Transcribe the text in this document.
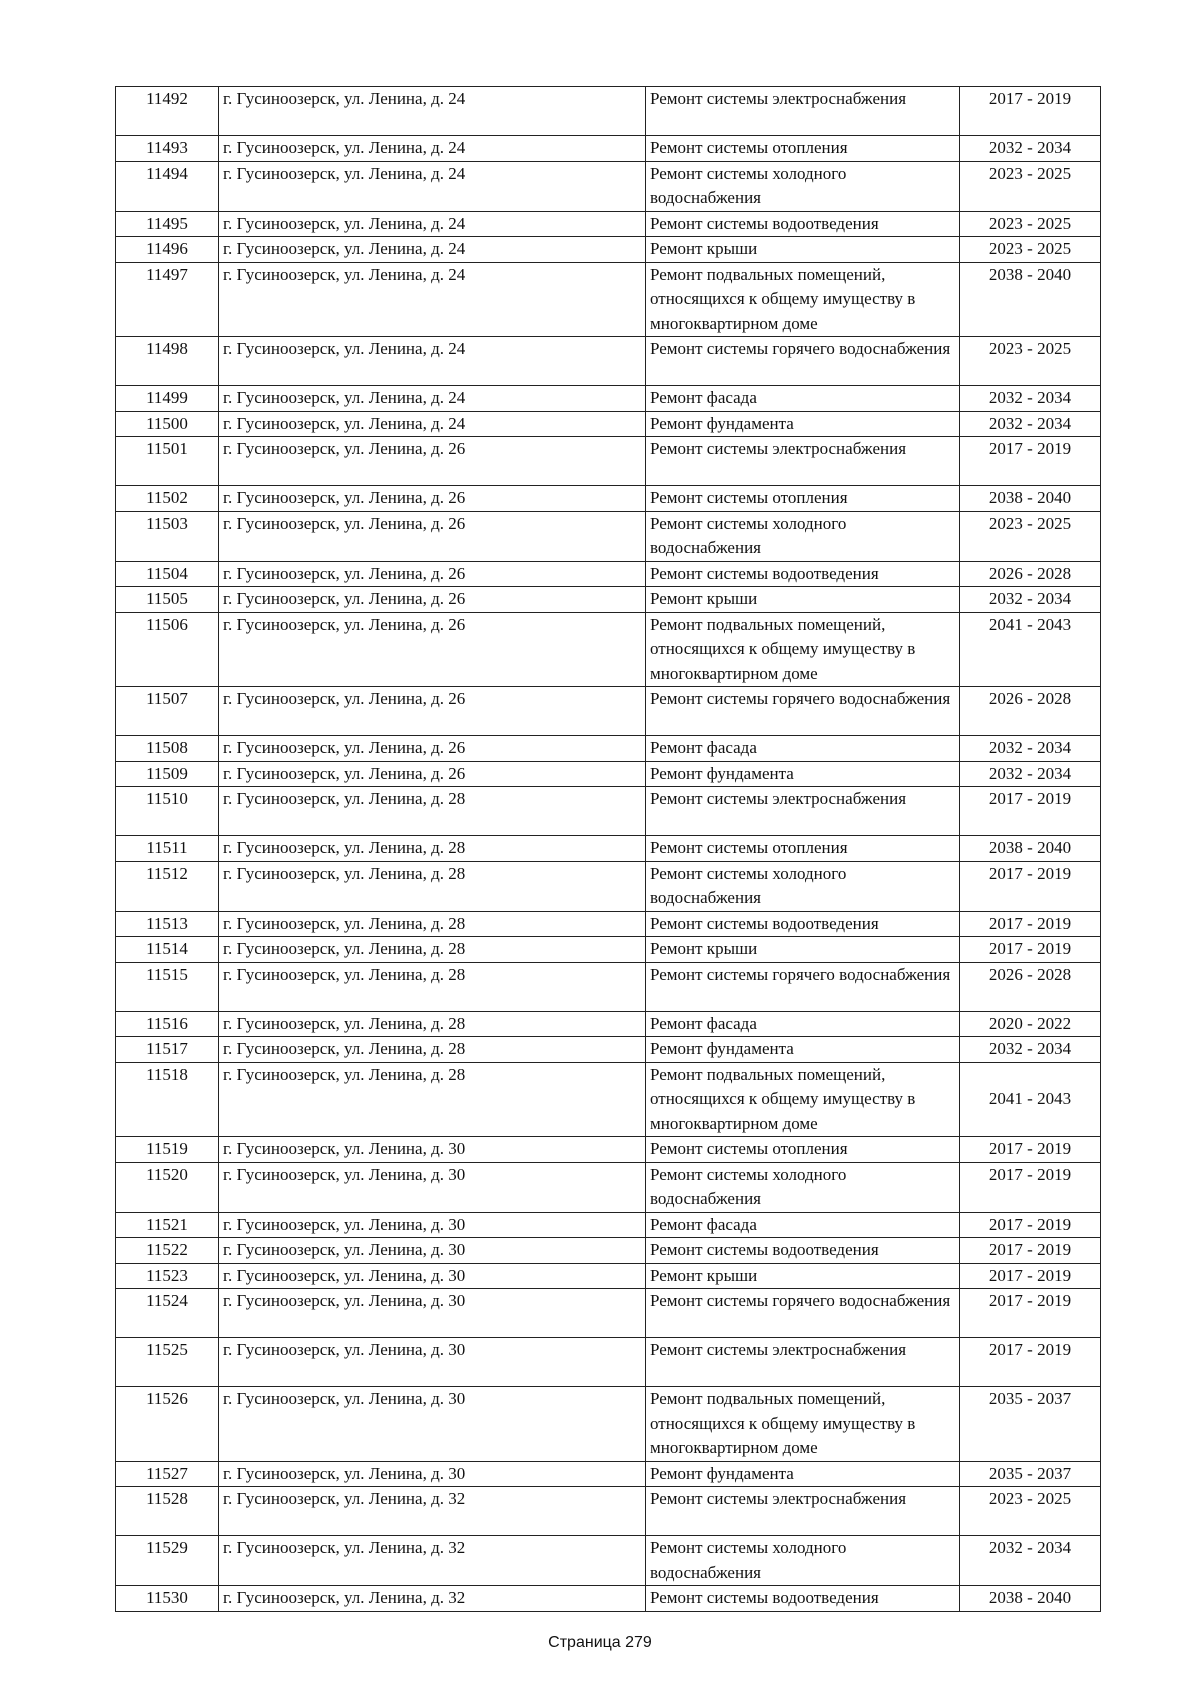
11492	г. Гусиноозерск, ул. Ленина, д. 24	Ремонт системы электроснабжения	2017 - 2019
11493	г. Гусиноозерск, ул. Ленина, д. 24	Ремонт системы отопления	2032 - 2034
11494	г. Гусиноозерск, ул. Ленина, д. 24	Ремонт системы холодного водоснабжения	2023 - 2025
11495	г. Гусиноозерск, ул. Ленина, д. 24	Ремонт системы водоотведения	2023 - 2025
11496	г. Гусиноозерск, ул. Ленина, д. 24	Ремонт крыши	2023 - 2025
11497	г. Гусиноозерск, ул. Ленина, д. 24	Ремонт подвальных помещений, относящихся к общему имуществу в многоквартирном доме	2038 - 2040
11498	г. Гусиноозерск, ул. Ленина, д. 24	Ремонт системы горячего водоснабжения	2023 - 2025
11499	г. Гусиноозерск, ул. Ленина, д. 24	Ремонт фасада	2032 - 2034
11500	г. Гусиноозерск, ул. Ленина, д. 24	Ремонт фундамента	2032 - 2034
11501	г. Гусиноозерск, ул. Ленина, д. 26	Ремонт системы электроснабжения	2017 - 2019
11502	г. Гусиноозерск, ул. Ленина, д. 26	Ремонт системы отопления	2038 - 2040
11503	г. Гусиноозерск, ул. Ленина, д. 26	Ремонт системы холодного водоснабжения	2023 - 2025
11504	г. Гусиноозерск, ул. Ленина, д. 26	Ремонт системы водоотведения	2026 - 2028
11505	г. Гусиноозерск, ул. Ленина, д. 26	Ремонт крыши	2032 - 2034
11506	г. Гусиноозерск, ул. Ленина, д. 26	Ремонт подвальных помещений, относящихся к общему имуществу в многоквартирном доме	2041 - 2043
11507	г. Гусиноозерск, ул. Ленина, д. 26	Ремонт системы горячего водоснабжения	2026 - 2028
11508	г. Гусиноозерск, ул. Ленина, д. 26	Ремонт фасада	2032 - 2034
11509	г. Гусиноозерск, ул. Ленина, д. 26	Ремонт фундамента	2032 - 2034
11510	г. Гусиноозерск, ул. Ленина, д. 28	Ремонт системы электроснабжения	2017 - 2019
11511	г. Гусиноозерск, ул. Ленина, д. 28	Ремонт системы отопления	2038 - 2040
11512	г. Гусиноозерск, ул. Ленина, д. 28	Ремонт системы холодного водоснабжения	2017 - 2019
11513	г. Гусиноозерск, ул. Ленина, д. 28	Ремонт системы водоотведения	2017 - 2019
11514	г. Гусиноозерск, ул. Ленина, д. 28	Ремонт крыши	2017 - 2019
11515	г. Гусиноозерск, ул. Ленина, д. 28	Ремонт системы горячего водоснабжения	2026 - 2028
11516	г. Гусиноозерск, ул. Ленина, д. 28	Ремонт фасада	2020 - 2022
11517	г. Гусиноозерск, ул. Ленина, д. 28	Ремонт фундамента	2032 - 2034
11518	г. Гусиноозерск, ул. Ленина, д. 28	Ремонт подвальных помещений, относящихся к общему имуществу в многоквартирном доме	2041 - 2043
11519	г. Гусиноозерск, ул. Ленина, д. 30	Ремонт системы отопления	2017 - 2019
11520	г. Гусиноозерск, ул. Ленина, д. 30	Ремонт системы холодного водоснабжения	2017 - 2019
11521	г. Гусиноозерск, ул. Ленина, д. 30	Ремонт фасада	2017 - 2019
11522	г. Гусиноозерск, ул. Ленина, д. 30	Ремонт системы водоотведения	2017 - 2019
11523	г. Гусиноозерск, ул. Ленина, д. 30	Ремонт крыши	2017 - 2019
11524	г. Гусиноозерск, ул. Ленина, д. 30	Ремонт системы горячего водоснабжения	2017 - 2019
11525	г. Гусиноозерск, ул. Ленина, д. 30	Ремонт системы электроснабжения	2017 - 2019
11526	г. Гусиноозерск, ул. Ленина, д. 30	Ремонт подвальных помещений, относящихся к общему имуществу в многоквартирном доме	2035 - 2037
11527	г. Гусиноозерск, ул. Ленина, д. 30	Ремонт фундамента	2035 - 2037
11528	г. Гусиноозерск, ул. Ленина, д. 32	Ремонт системы электроснабжения	2023 - 2025
11529	г. Гусиноозерск, ул. Ленина, д. 32	Ремонт системы холодного водоснабжения	2032 - 2034
11530	г. Гусиноозерск, ул. Ленина, д. 32	Ремонт системы водоотведения	2038 - 2040
Страница 279
